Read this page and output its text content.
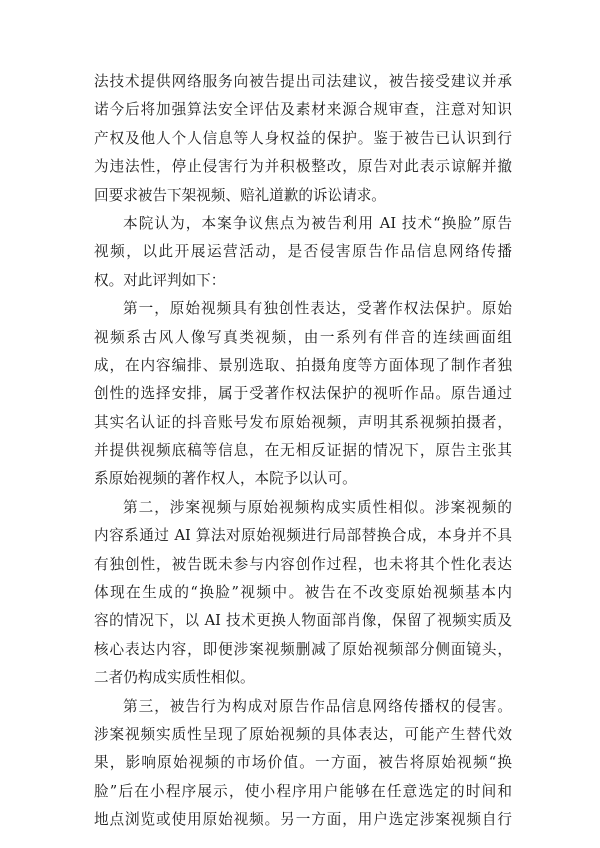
法技术提供网络服务向被告提出司法建议，被告接受建议并承
诺今后将加强算法安全评估及素材来源合规审查，注意对知识
产权及他人个人信息等人身权益的保护。鉴于被告已认识到行
为违法性，停止侵害行为并积极整改，原告对此表示谅解并撤
回要求被告下架视频、赔礼道歉的诉讼请求。
本院认为，本案争议焦点为被告利用 AI 技术“换脸”原告
视频，以此开展运营活动，是否侵害原告作品信息网络传播
权。对此评判如下：
第一，原始视频具有独创性表达，受著作权法保护。原始
视频系古风人像写真类视频，由一系列有伴音的连续画面组
成，在内容编排、景别选取、拍摄角度等方面体现了制作者独
创性的选择安排，属于受著作权法保护的视听作品。原告通过
其实名认证的抖音账号发布原始视频，声明其系视频拍摄者，
并提供视频底稿等信息，在无相反证据的情况下，原告主张其
系原始视频的著作权人，本院予以认可。
第二，涉案视频与原始视频构成实质性相似。涉案视频的
内容系通过 AI 算法对原始视频进行局部替换合成，本身并不具
有独创性，被告既未参与内容创作过程，也未将其个性化表达
体现在生成的“换脸”视频中。被告在不改变原始视频基本内
容的情况下，以 AI 技术更换人物面部肖像，保留了视频实质及
核心表达内容，即便涉案视频删减了原始视频部分侧面镜头，
二者仍构成实质性相似。
第三，被告行为构成对原告作品信息网络传播权的侵害。
涉案视频实质性呈现了原始视频的具体表达，可能产生替代效
果，影响原始视频的市场价值。一方面，被告将原始视频“换
脸”后在小程序展示，使小程序用户能够在任意选定的时间和
地点浏览或使用原始视频。另一方面，用户选定涉案视频自行
